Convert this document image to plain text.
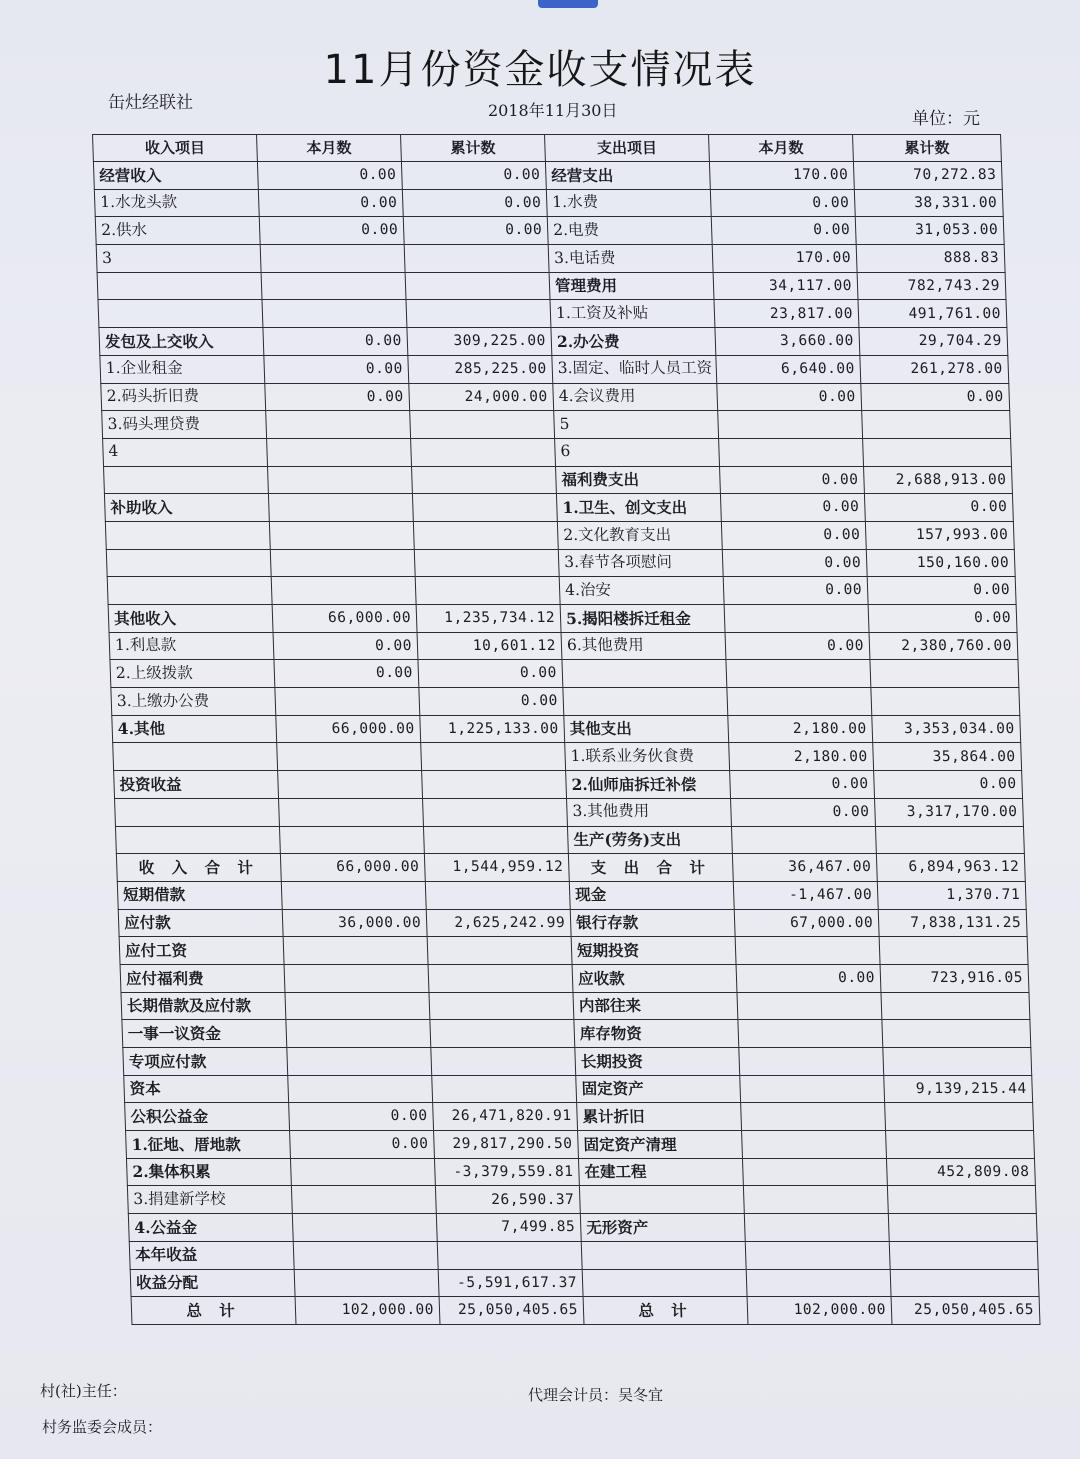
11月份资金收支情况表
缶灶经联社	2018年11月30日	单位：元
收入项目	本月数	累计数	支出项目	本月数	累计数
经营收入	0.00	0.00	经营支出	170.00	70,272.83
1.水龙头款	0.00	0.00	1.水费	0.00	38,331.00
2.供水	0.00	0.00	2.电费	0.00	31,053.00
3			3.电话费	170.00	888.83
			管理费用	34,117.00	782,743.29
			1.工资及补贴	23,817.00	491,761.00
发包及上交收入	0.00	309,225.00	2.办公费	3,660.00	29,704.29
1.企业租金	0.00	285,225.00	3.固定、临时人员工资	6,640.00	261,278.00
2.码头折旧费	0.00	24,000.00	4.会议费用	0.00	0.00
3.码头理贷费			5		
4			6		
			福利费支出	0.00	2,688,913.00
补助收入			1.卫生、创文支出	0.00	0.00
			2.文化教育支出	0.00	157,993.00
			3.春节各项慰问	0.00	150,160.00
			4.治安	0.00	0.00
其他收入	66,000.00	1,235,734.12	5.揭阳楼拆迁租金		0.00
1.利息款	0.00	10,601.12	6.其他费用	0.00	2,380,760.00
2.上级拨款	0.00	0.00			
3.上缴办公费		0.00			
4.其他	66,000.00	1,225,133.00	其他支出	2,180.00	3,353,034.00
			1.联系业务伙食费	2,180.00	35,864.00
投资收益			2.仙师庙拆迁补偿	0.00	0.00
			3.其他费用	0.00	3,317,170.00
			生产(劳务)支出		
收 入 合 计	66,000.00	1,544,959.12	支 出 合 计	36,467.00	6,894,963.12
短期借款			现金	-1,467.00	1,370.71
应付款	36,000.00	2,625,242.99	银行存款	67,000.00	7,838,131.25
应付工资			短期投资		
应付福利费			应收款	0.00	723,916.05
长期借款及应付款			内部往来		
一事一议资金			库存物资		
专项应付款			长期投资		
资本			固定资产		9,139,215.44
公积公益金	0.00	26,471,820.91	累计折旧		
1.征地、厝地款	0.00	29,817,290.50	固定资产清理		
2.集体积累		-3,379,559.81	在建工程		452,809.08
3.捐建新学校		26,590.37			
4.公益金		7,499.85	无形资产		
本年收益					
收益分配		-5,591,617.37			
总 计	102,000.00	25,050,405.65	总 计	102,000.00	25,050,405.65
村(社)主任：	代理会计员：吴冬宜
村务监委会成员：
